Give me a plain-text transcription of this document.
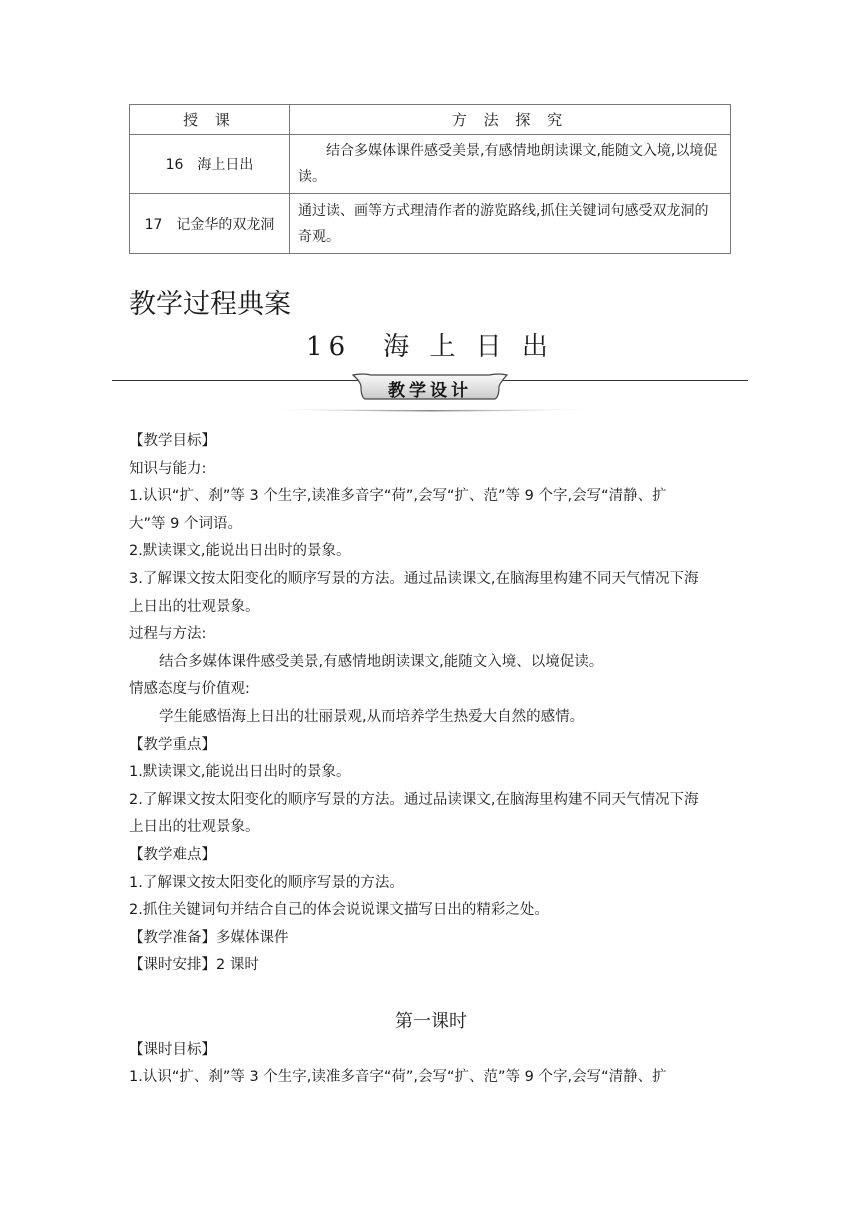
授 课	方 法 探 究
16　海上日出	结合多媒体课件感受美景,有感情地朗读课文,能随文入境,以境促读。
17　记金华的双龙洞	通过读、画等方式理清作者的游览路线,抓住关键词句感受双龙洞的奇观。
教学过程典案
16　海 上 日 出
教学设计

【教学目标】

知识与能力:

1.认识“扩、刹”等 3 个生字,读准多音字“荷”,会写“扩、范”等 9 个字,会写“清静、扩

大”等 9 个词语。

2.默读课文,能说出日出时的景象。

3.了解课文按太阳变化的顺序写景的方法。通过品读课文,在脑海里构建不同天气情况下海

上日出的壮观景象。

过程与方法:

结合多媒体课件感受美景,有感情地朗读课文,能随文入境、以境促读。

情感态度与价值观:

学生能感悟海上日出的壮丽景观,从而培养学生热爱大自然的感情。

【教学重点】

1.默读课文,能说出日出时的景象。

2.了解课文按太阳变化的顺序写景的方法。通过品读课文,在脑海里构建不同天气情况下海

上日出的壮观景象。

【教学难点】

1.了解课文按太阳变化的顺序写景的方法。

2.抓住关键词句并结合自己的体会说说课文描写日出的精彩之处。

【教学准备】多媒体课件

【课时安排】2 课时

第一课时

【课时目标】

1.认识“扩、刹”等 3 个生字,读准多音字“荷”,会写“扩、范”等 9 个字,会写“清静、扩
